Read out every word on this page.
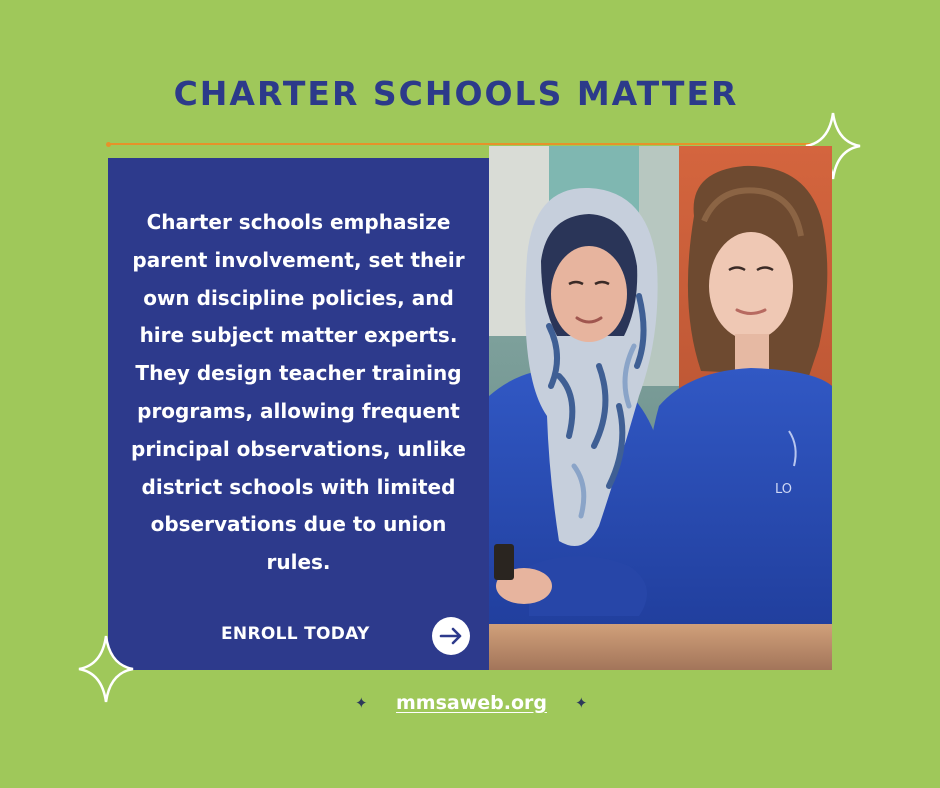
CHARTER SCHOOLS MATTER
Charter schools emphasize
parent involvement, set their
own discipline policies, and
hire subject matter experts.
They design teacher training
programs, allowing frequent
principal observations, unlike
district schools with limited
observations due to union
rules.
ENROLL TODAY
LO
✦ mmsaweb.org ✦
